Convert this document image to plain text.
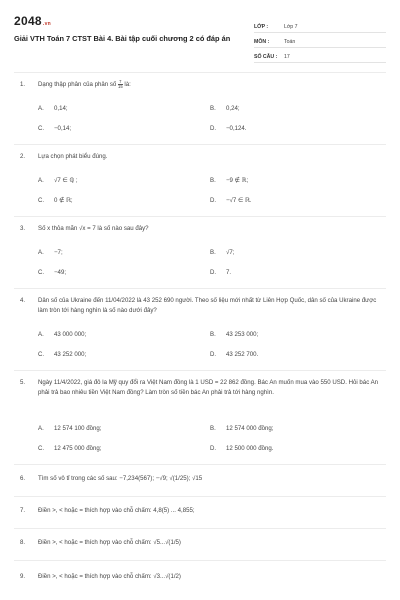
2048.vn
Giải VTH Toán 7 CTST Bài 4. Bài tập cuối chương 2 có đáp án
LỚP :	Lớp 7
MÔN :	Toán
SỐ CÂU :	17
1. Dạng thập phân của phân số $\frac{7}{15}$ là:
A. 0,14;	B. 0,24;
C. −0,14;	D. −0,124.
2. Lựa chọn phát biểu đúng.
A. √7 ∈ ℚ ;	B. −9 ∉ ℝ;
C. 0 ∉ ℝ;	D. −√7 ∈ ℝ.
3. Số x thỏa mãn √x = 7 là số nào sau đây?
A. −7;	B. √7;
C. −49;	D. 7.
4. Dân số của Ukraine đến 11/04/2022 là 43 252 690 người. Theo số liệu mới nhất từ Liên Hợp Quốc, dân số của Ukraine được làm tròn tới hàng nghìn là số nào dưới đây?
A. 43 000 000;	B. 43 253 000;
C. 43 252 000;	D. 43 252 700.
5. Ngày 11/4/2022, giá đô la Mỹ quy đổi ra Việt Nam đồng là 1 USD = 22 862 đồng. Bác An muốn mua vào 550 USD. Hỏi bác An phải trả bao nhiêu tiền Việt Nam đồng? Làm tròn số tiền bác An phải trả tới hàng nghìn.
A. 12 574 100 đồng;	B. 12 574 000 đồng;
C. 12 475 000 đồng;	D. 12 500 000 đồng.
6. Tìm số vô tỉ trong các số sau: −7,234(567); −√9; √(1/25); √15
7. Điền >, < hoặc = thích hợp vào chỗ chấm: 4,8(5) ... 4,855;
8. Điền >, < hoặc = thích hợp vào chỗ chấm: √5...√(1/5)
9. Điền >, < hoặc = thích hợp vào chỗ chấm: √3...√(1/2)
